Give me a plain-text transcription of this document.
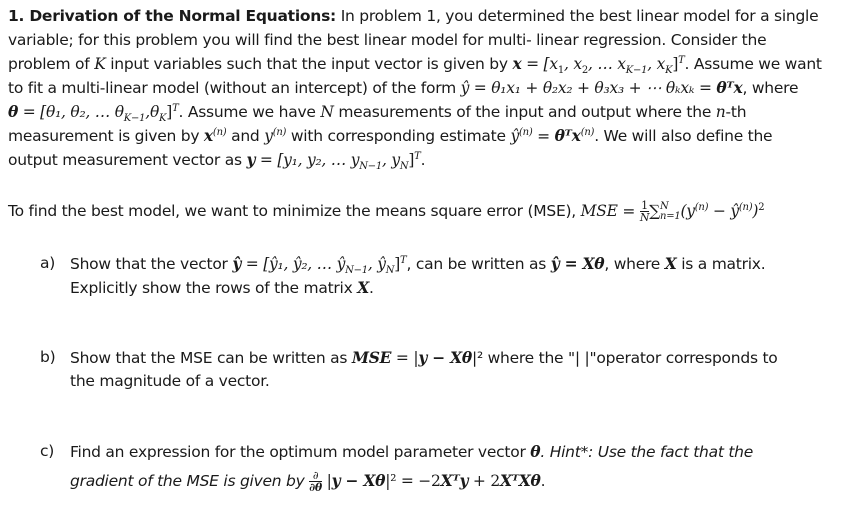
1. Derivation of the Normal Equations: In problem 1, you determined the best linear model for a single
variable; for this problem you will find the best linear model for multi- linear regression. Consider the
problem of K input variables such that the input vector is given by $x = [x_1$, $x_2$, … $x_{K-1}$, $x_K]^T$. Assume we want
to fit a multi-linear model (without an intercept) of the form ŷ = θ₁x₁ + θ₂x₂ + θ₃x₃ + ⋯ θₖxₖ = θᵀx, where
θ = [θ₁, θ₂, … $\theta_{K-1},\theta_K]^T$. Assume we have N measurements of the input and output where the n-th
measurement is given by $x^{(n)}$ and $y^{(n)}$ with corresponding estimate $ŷ^{(n)}$ = θᵀx$^{(n)}$. We will also define the
output measurement vector as y = [y₁, y₂, … $y_{N-1}$, $y_N]^T$.
To find the best model, we want to minimize the means square error (MSE), MSE = $\frac{1}{N}$ ∑ N
n=1 ($y^{(n)}$ − $ŷ^{(n)})^2$
a) Show that the vector ŷ = [ŷ₁, ŷ₂, … $ŷ_{N-1}$, $ŷ_N]^T$, can be written as ŷ = Xθ, where X is a matrix.
Explicitly show the rows of the matrix X.
b) Show that the MSE can be written as MSE = |y − Xθ|² where the "| |"operator corresponds to
the magnitude of a vector.
c) Find an expression for the optimum model parameter vector θ. Hint*: Use the fact that the
gradient of the MSE is given by $\frac{\partial}{\partial\theta} |y - X\theta|^2$ = −2Xᵀy + 2XᵀXθ.
